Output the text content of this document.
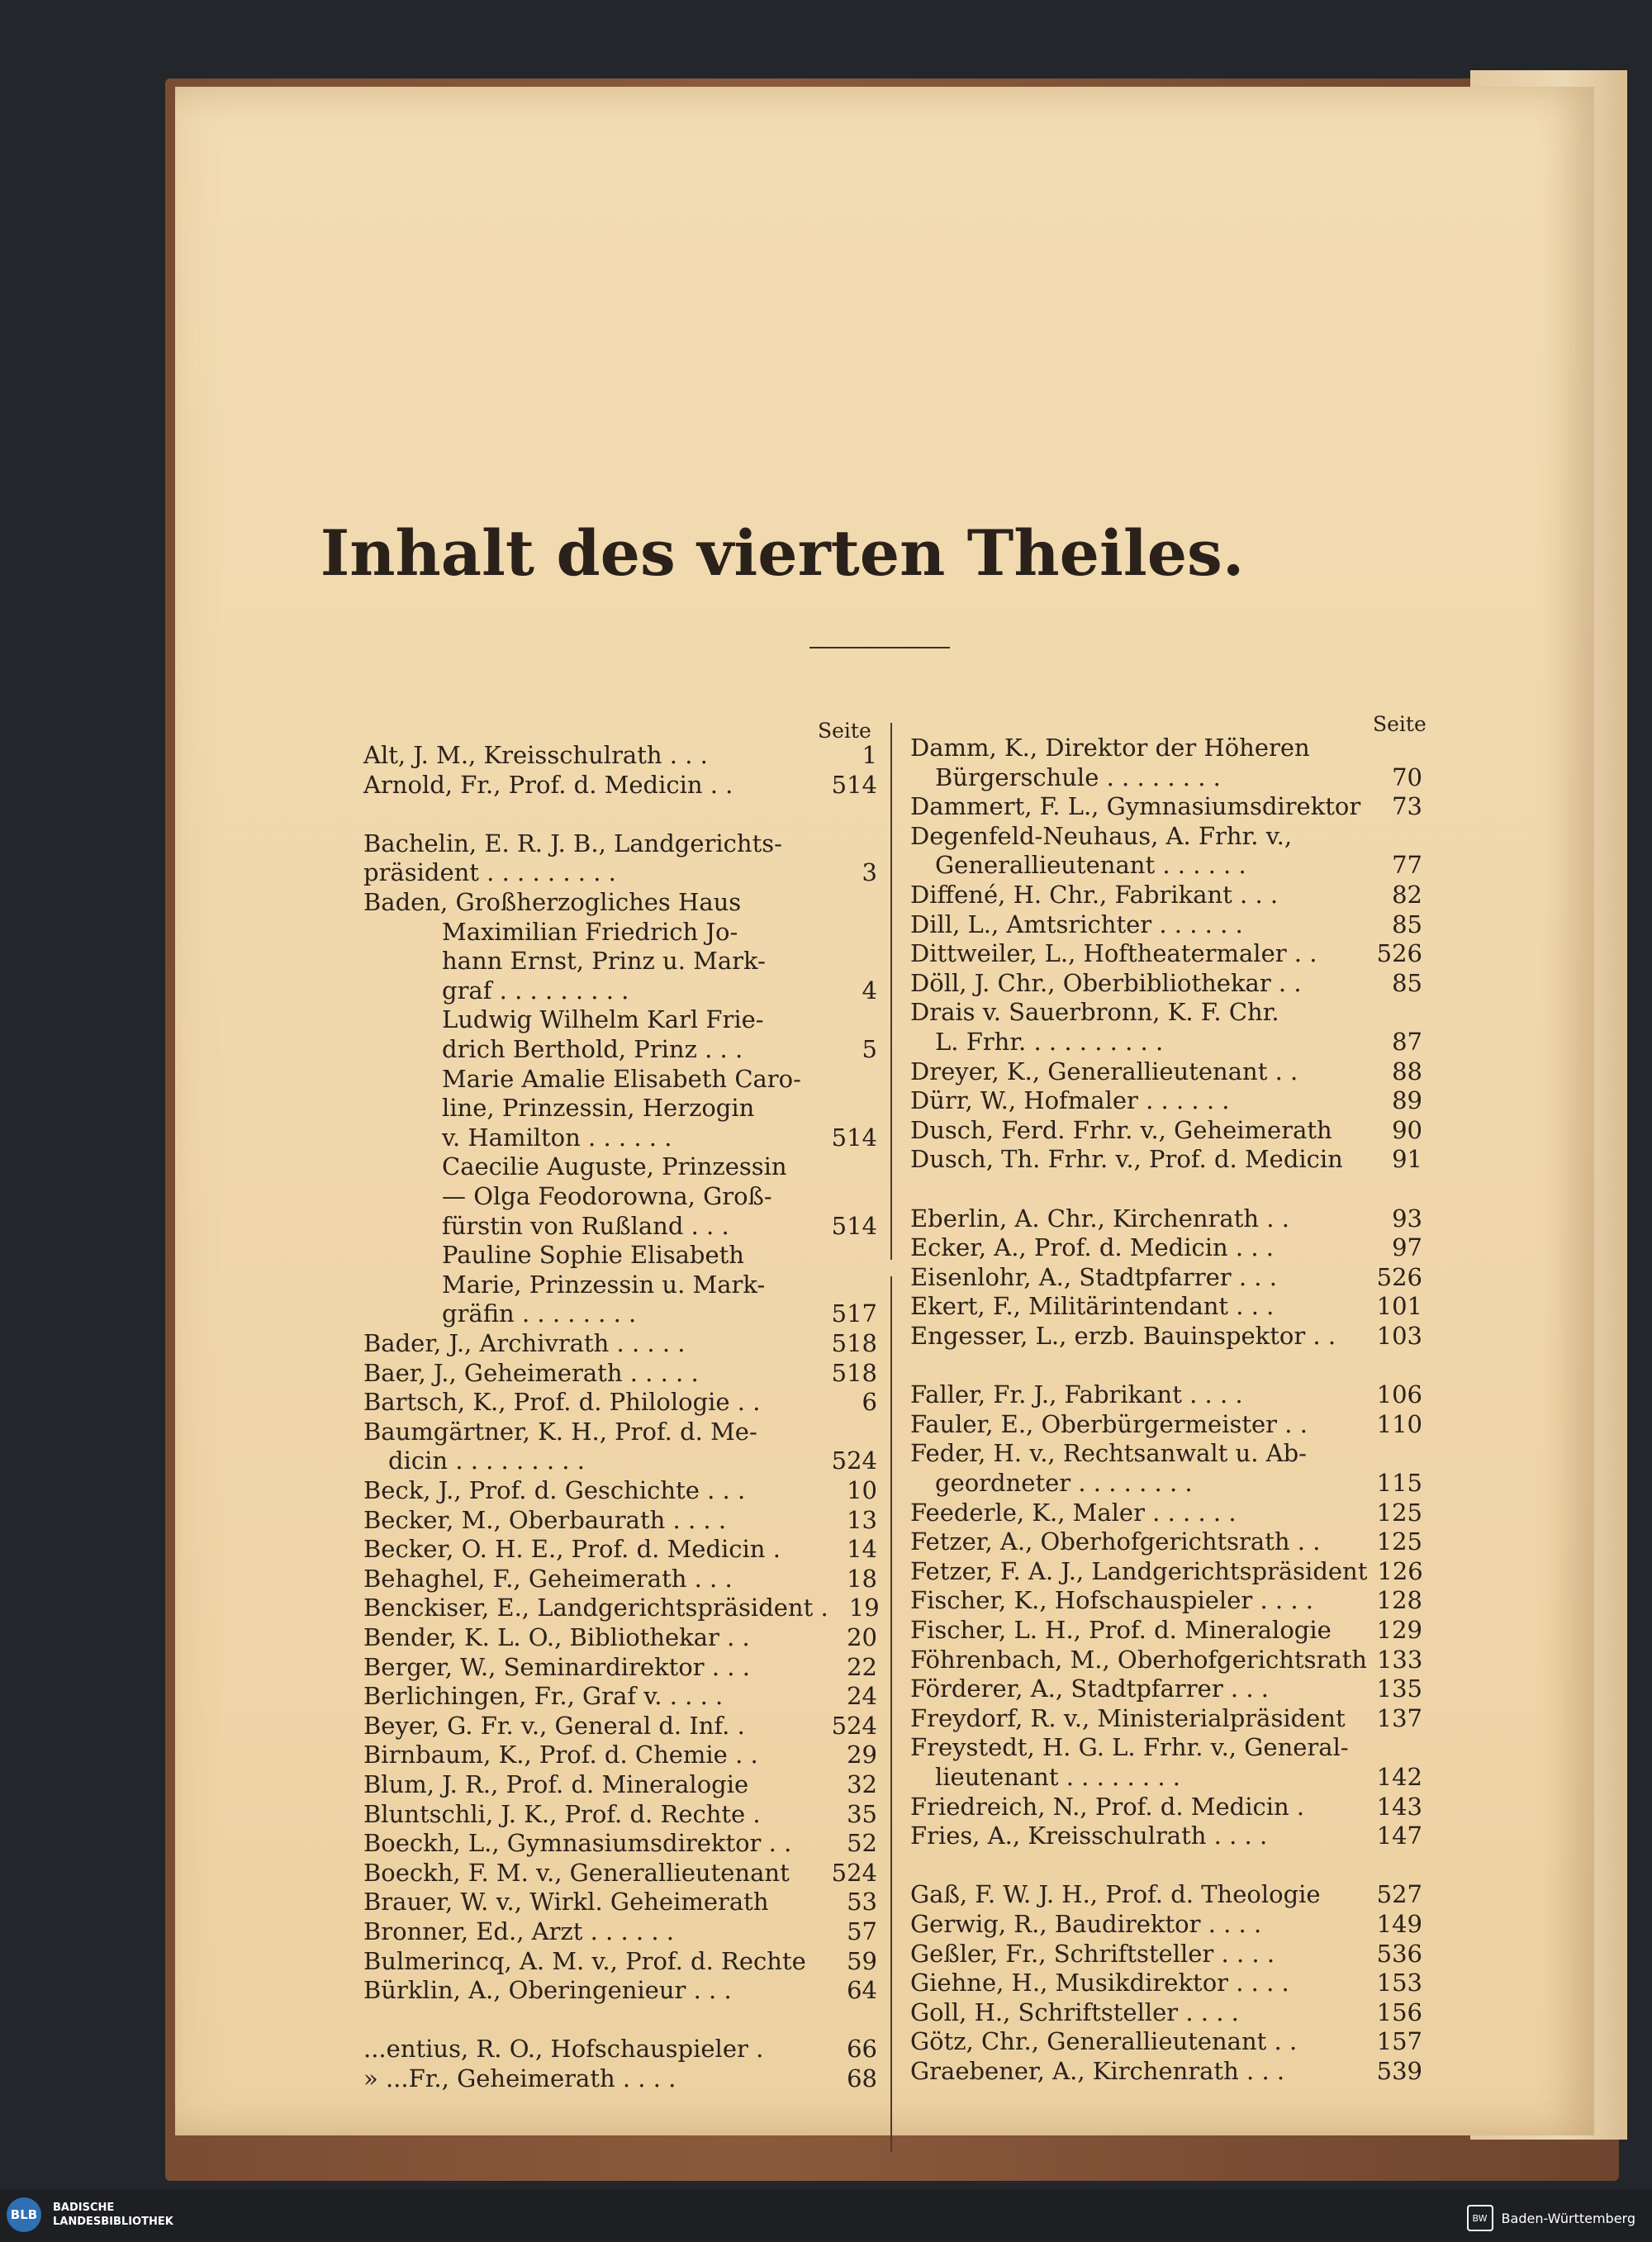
Inhalt des vierten Theiles.
Seite	Seite
Alt, J. M., Kreisschulrath . . .	1
Arnold, Fr., Prof. d. Medicin . .	514
Bachelin, E. R. J. B., Landgerichts-
präsident . . . . . . . . .	3
Baden, Großherzogliches Haus
Maximilian Friedrich Jo-
hann Ernst, Prinz u. Mark-
graf . . . . . . . . .	4
Ludwig Wilhelm Karl Frie-
drich Berthold, Prinz . . .	5
Marie Amalie Elisabeth Caro-
line, Prinzessin, Herzogin
v. Hamilton . . . . . .	514
Caecilie Auguste, Prinzessin
— Olga Feodorowna, Groß-
fürstin von Rußland . . .	514
Pauline Sophie Elisabeth
Marie, Prinzessin u. Mark-
gräfin . . . . . . . .	517
Bader, J., Archivrath . . . . .	518
Baer, J., Geheimerath . . . . .	518
Bartsch, K., Prof. d. Philologie . .	6
Baumgärtner, K. H., Prof. d. Me-
dicin . . . . . . . . .	524
Beck, J., Prof. d. Geschichte . . .	10
Becker, M., Oberbaurath . . . .	13
Becker, O. H. E., Prof. d. Medicin .	14
Behaghel, F., Geheimerath . . .	18
Benckiser, E., Landgerichtspräsident . 19
Bender, K. L. O., Bibliothekar . .	20
Berger, W., Seminardirektor . . .	22
Berlichingen, Fr., Graf v. . . . .	24
Beyer, G. Fr. v., General d. Inf. .	524
Birnbaum, K., Prof. d. Chemie . .	29
Blum, J. R., Prof. d. Mineralogie	32
Bluntschli, J. K., Prof. d. Rechte .	35
Boeckh, L., Gymnasiumsdirektor . .	52
Boeckh, F. M. v., Generallieutenant 524
Brauer, W. v., Wirkl. Geheimerath	53
Bronner, Ed., Arzt . . . . . .	57
Bulmerincq, A. M. v., Prof. d. Rechte	59
Bürklin, A., Oberingenieur . . .	64
...entius, R. O., Hofschauspieler .	66
» ...Fr., Geheimerath . . . .	68
Damm, K., Direktor der Höheren
Bürgerschule . . . . . . . .	70
Dammert, F. L., Gymnasiumsdirektor	73
Degenfeld-Neuhaus, A. Frhr. v.,
Generallieutenant . . . . . .	77
Diffené, H. Chr., Fabrikant . . .	82
Dill, L., Amtsrichter . . . . . .	85
Dittweiler, L., Hoftheatermaler . . 526
Döll, J. Chr., Oberbibliothekar . .	85
Drais v. Sauerbronn, K. F. Chr.
L. Frhr. . . . . . . . . .	87
Dreyer, K., Generallieutenant . .	88
Dürr, W., Hofmaler . . . . . .	89
Dusch, Ferd. Frhr. v., Geheimerath	90
Dusch, Th. Frhr. v., Prof. d. Medicin	91
Eberlin, A. Chr., Kirchenrath . .	93
Ecker, A., Prof. d. Medicin . . .	97
Eisenlohr, A., Stadtpfarrer . . .	526
Ekert, F., Militärintendant . . .	101
Engesser, L., erzb. Bauinspektor . . 103
Faller, Fr. J., Fabrikant . . . .	106
Fauler, E., Oberbürgermeister . .	110
Feder, H. v., Rechtsanwalt u. Ab-
geordneter . . . . . . . .	115
Feederle, K., Maler . . . . . .	125
Fetzer, A., Oberhofgerichtsrath . . 125
Fetzer, F. A. J., Landgerichtspräsident 126
Fischer, K., Hofschauspieler . . . .	128
Fischer, L. H., Prof. d. Mineralogie 129
Föhrenbach, M., Oberhofgerichtsrath 133
Förderer, A., Stadtpfarrer . . .	135
Freydorf, R. v., Ministerialpräsident 137
Freystedt, H. G. L. Frhr. v., General-
lieutenant . . . . . . . .	142
Friedreich, N., Prof. d. Medicin .	143
Fries, A., Kreisschulrath . . . .	147
Gaß, F. W. J. H., Prof. d. Theologie 527
Gerwig, R., Baudirektor . . . .	149
Geßler, Fr., Schriftsteller . . . .	536
Giehne, H., Musikdirektor . . . .	153
Goll, H., Schriftsteller . . . .	156
Götz, Chr., Generallieutenant . .	157
Graebener, A., Kirchenrath . . .	539
BLB	BADISCHE
LANDESBIBLIOTHEK	BW	Baden-Württemberg
